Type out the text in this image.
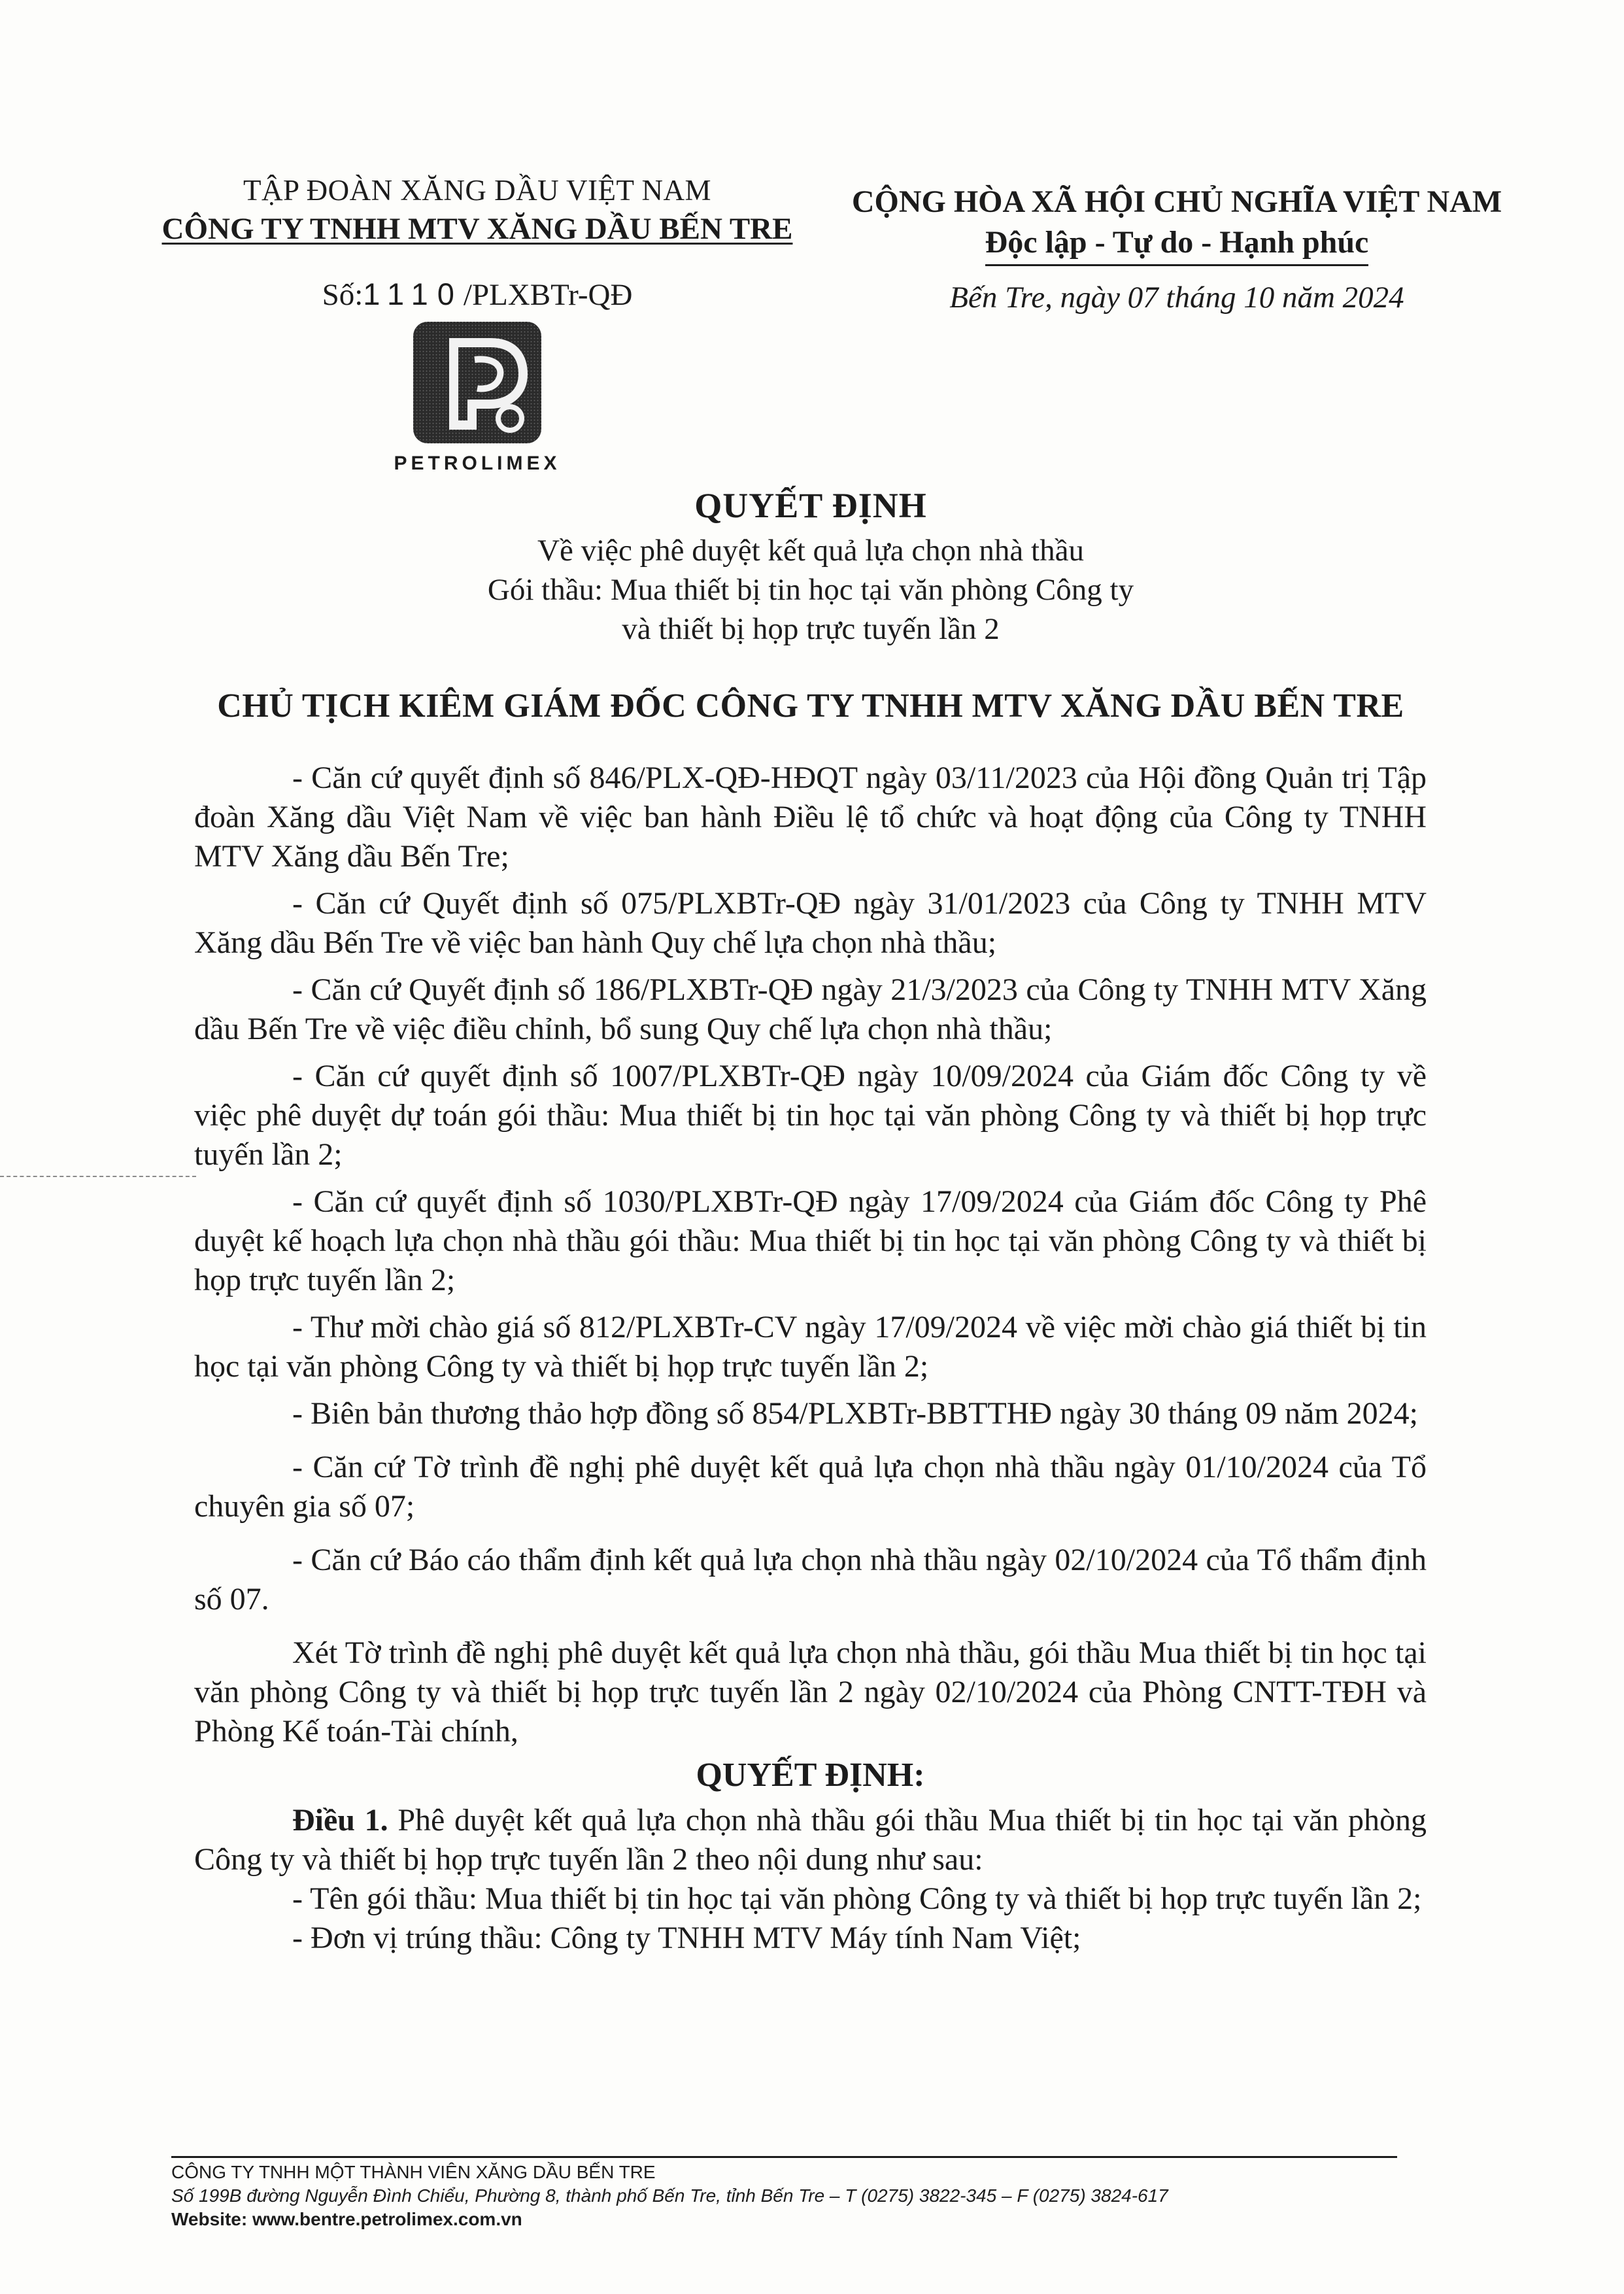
TẬP ĐOÀN XĂNG DẦU VIỆT NAM
CÔNG TY TNHH MTV XĂNG DẦU BẾN TRE
Số:1110/PLXBTr-QĐ
CỘNG HÒA XÃ HỘI CHỦ NGHĨA VIỆT NAM
Độc lập - Tự do - Hạnh phúc
Bến Tre, ngày 07 tháng 10 năm 2024
PETROLIMEX
QUYẾT ĐỊNH
Về việc phê duyệt kết quả lựa chọn nhà thầu
Gói thầu: Mua thiết bị tin học tại văn phòng Công ty
và thiết bị họp trực tuyến lần 2
CHỦ TỊCH KIÊM GIÁM ĐỐC CÔNG TY TNHH MTV XĂNG DẦU BẾN TRE

- Căn cứ quyết định số 846/PLX-QĐ-HĐQT ngày 03/11/2023 của Hội đồng Quản trị Tập đoàn Xăng dầu Việt Nam về việc ban hành Điều lệ tổ chức và hoạt động của Công ty TNHH MTV Xăng dầu Bến Tre;

- Căn cứ Quyết định số 075/PLXBTr-QĐ ngày 31/01/2023 của Công ty TNHH MTV Xăng dầu Bến Tre về việc ban hành Quy chế lựa chọn nhà thầu;

- Căn cứ Quyết định số 186/PLXBTr-QĐ ngày 21/3/2023 của Công ty TNHH MTV Xăng dầu Bến Tre về việc điều chỉnh, bổ sung Quy chế lựa chọn nhà thầu;

- Căn cứ quyết định số 1007/PLXBTr-QĐ ngày 10/09/2024 của Giám đốc Công ty về việc phê duyệt dự toán gói thầu: Mua thiết bị tin học tại văn phòng Công ty và thiết bị họp trực tuyến lần 2;

- Căn cứ quyết định số 1030/PLXBTr-QĐ ngày 17/09/2024 của Giám đốc Công ty Phê duyệt kế hoạch lựa chọn nhà thầu gói thầu: Mua thiết bị tin học tại văn phòng Công ty và thiết bị họp trực tuyến lần 2;

- Thư mời chào giá số 812/PLXBTr-CV ngày 17/09/2024 về việc mời chào giá thiết bị tin học tại văn phòng Công ty và thiết bị họp trực tuyến lần 2;

- Biên bản thương thảo hợp đồng số 854/PLXBTr-BBTTHĐ ngày 30 tháng 09 năm 2024;

- Căn cứ Tờ trình đề nghị phê duyệt kết quả lựa chọn nhà thầu ngày 01/10/2024 của Tổ chuyên gia số 07;

- Căn cứ Báo cáo thẩm định kết quả lựa chọn nhà thầu ngày 02/10/2024 của Tổ thẩm định số 07.

Xét Tờ trình đề nghị phê duyệt kết quả lựa chọn nhà thầu, gói thầu Mua thiết bị tin học tại văn phòng Công ty và thiết bị họp trực tuyến lần 2 ngày 02/10/2024 của Phòng CNTT-TĐH và Phòng Kế toán-Tài chính,

QUYẾT ĐỊNH:

Điều 1. Phê duyệt kết quả lựa chọn nhà thầu gói thầu Mua thiết bị tin học tại văn phòng Công ty và thiết bị họp trực tuyến lần 2 theo nội dung như sau:

- Tên gói thầu: Mua thiết bị tin học tại văn phòng Công ty và thiết bị họp trực tuyến lần 2;

- Đơn vị trúng thầu: Công ty TNHH MTV Máy tính Nam Việt;

CÔNG TY TNHH MỘT THÀNH VIÊN XĂNG DẦU BẾN TRE
Số 199B đường Nguyễn Đình Chiểu, Phường 8, thành phố Bến Tre, tỉnh Bến Tre – T (0275) 3822-345 – F (0275) 3824-617
Website: www.bentre.petrolimex.com.vn
